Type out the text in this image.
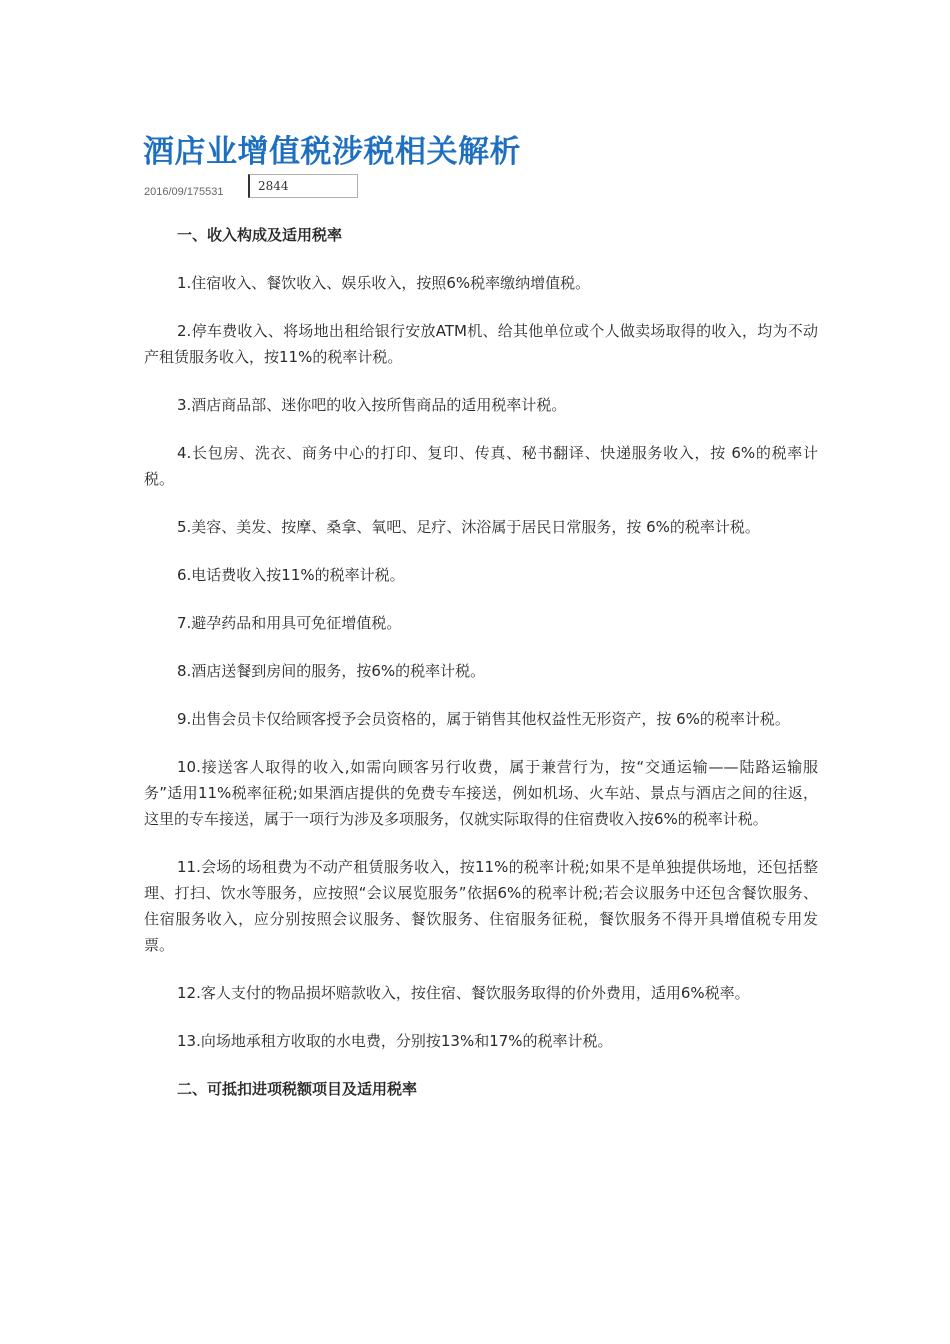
酒店业增值税涉税相关解析
2016/09/175531	2844

一、收入构成及适用税率

1.住宿收入、餐饮收入、娱乐收入，按照6%税率缴纳增值税。

2.停车费收入、将场地出租给银行安放ATM机、给其他单位或个人做卖场取得的收入，均为不动产租赁服务收入，按11%的税率计税。

3.酒店商品部、迷你吧的收入按所售商品的适用税率计税。

4.长包房、洗衣、商务中心的打印、复印、传真、秘书翻译、快递服务收入，按 6%的税率计税。

5.美容、美发、按摩、桑拿、氧吧、足疗、沐浴属于居民日常服务，按 6%的税率计税。

6.电话费收入按11%的税率计税。

7.避孕药品和用具可免征增值税。

8.酒店送餐到房间的服务，按6%的税率计税。

9.出售会员卡仅给顾客授予会员资格的，属于销售其他权益性无形资产，按 6%的税率计税。

10.接送客人取得的收入,如需向顾客另行收费，属于兼营行为，按“交通运输——陆路运输服务”适用11%税率征税;如果酒店提供的免费专车接送，例如机场、火车站、景点与酒店之间的往返，这里的专车接送，属于一项行为涉及多项服务，仅就实际取得的住宿费收入按6%的税率计税。

11.会场的场租费为不动产租赁服务收入，按11%的税率计税;如果不是单独提供场地，还包括整理、打扫、饮水等服务，应按照“会议展览服务”依据6%的税率计税;若会议服务中还包含餐饮服务、住宿服务收入，应分别按照会议服务、餐饮服务、住宿服务征税，餐饮服务不得开具增值税专用发票。

12.客人支付的物品损坏赔款收入，按住宿、餐饮服务取得的价外费用，适用6%税率。

13.向场地承租方收取的水电费，分别按13%和17%的税率计税。

二、可抵扣进项税额项目及适用税率
